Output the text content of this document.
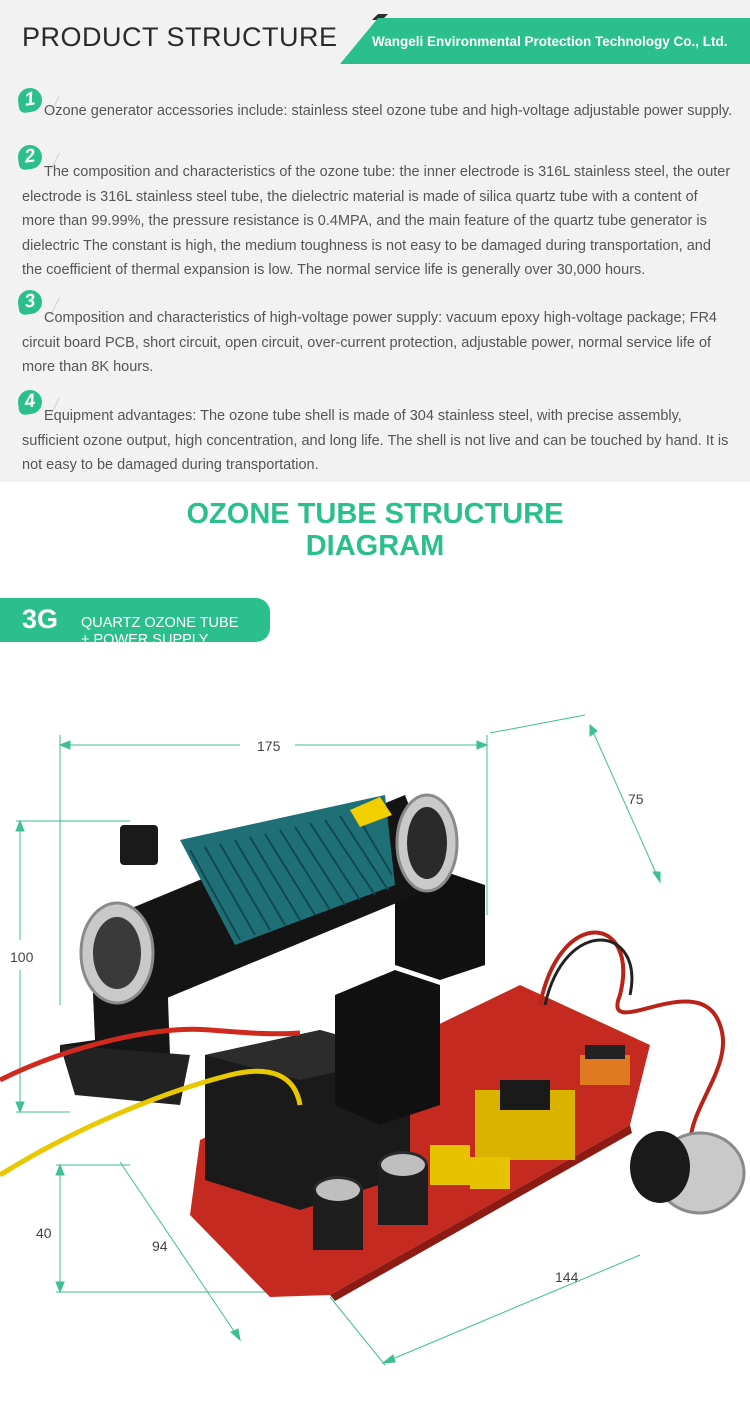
PRODUCT STRUCTURE	Wangeli Environmental Protection Technology Co., Ltd.
1
Ozone generator accessories include: stainless steel ozone tube and high-voltage adjustable power supply.
2
The composition and characteristics of the ozone tube: the inner electrode is 316L stainless steel, the outer electrode is 316L stainless steel tube, the dielectric material is made of silica quartz tube with a content of more than 99.99%, the pressure resistance is 0.4MPA, and the main feature of the quartz tube generator is dielectric The constant is high, the medium toughness is not easy to be damaged during transportation, and the coefficient of thermal expansion is low. The normal service life is generally over 30,000 hours.
3
Composition and characteristics of high-voltage power supply: vacuum epoxy high-voltage package; FR4 circuit board PCB, short circuit, open circuit, over-current protection, adjustable power, normal service life of more than 8K hours.
4
Equipment advantages: The ozone tube shell is made of 304 stainless steel, with precise assembly, sufficient ozone output, high concentration, and long life. The shell is not live and can be touched by hand. It is not easy to be damaged during transportation.
OZONE TUBE STRUCTURE
DIAGRAM
3G QUARTZ OZONE TUBE
+ POWER SUPPLY
175
75
100
40
94
144
